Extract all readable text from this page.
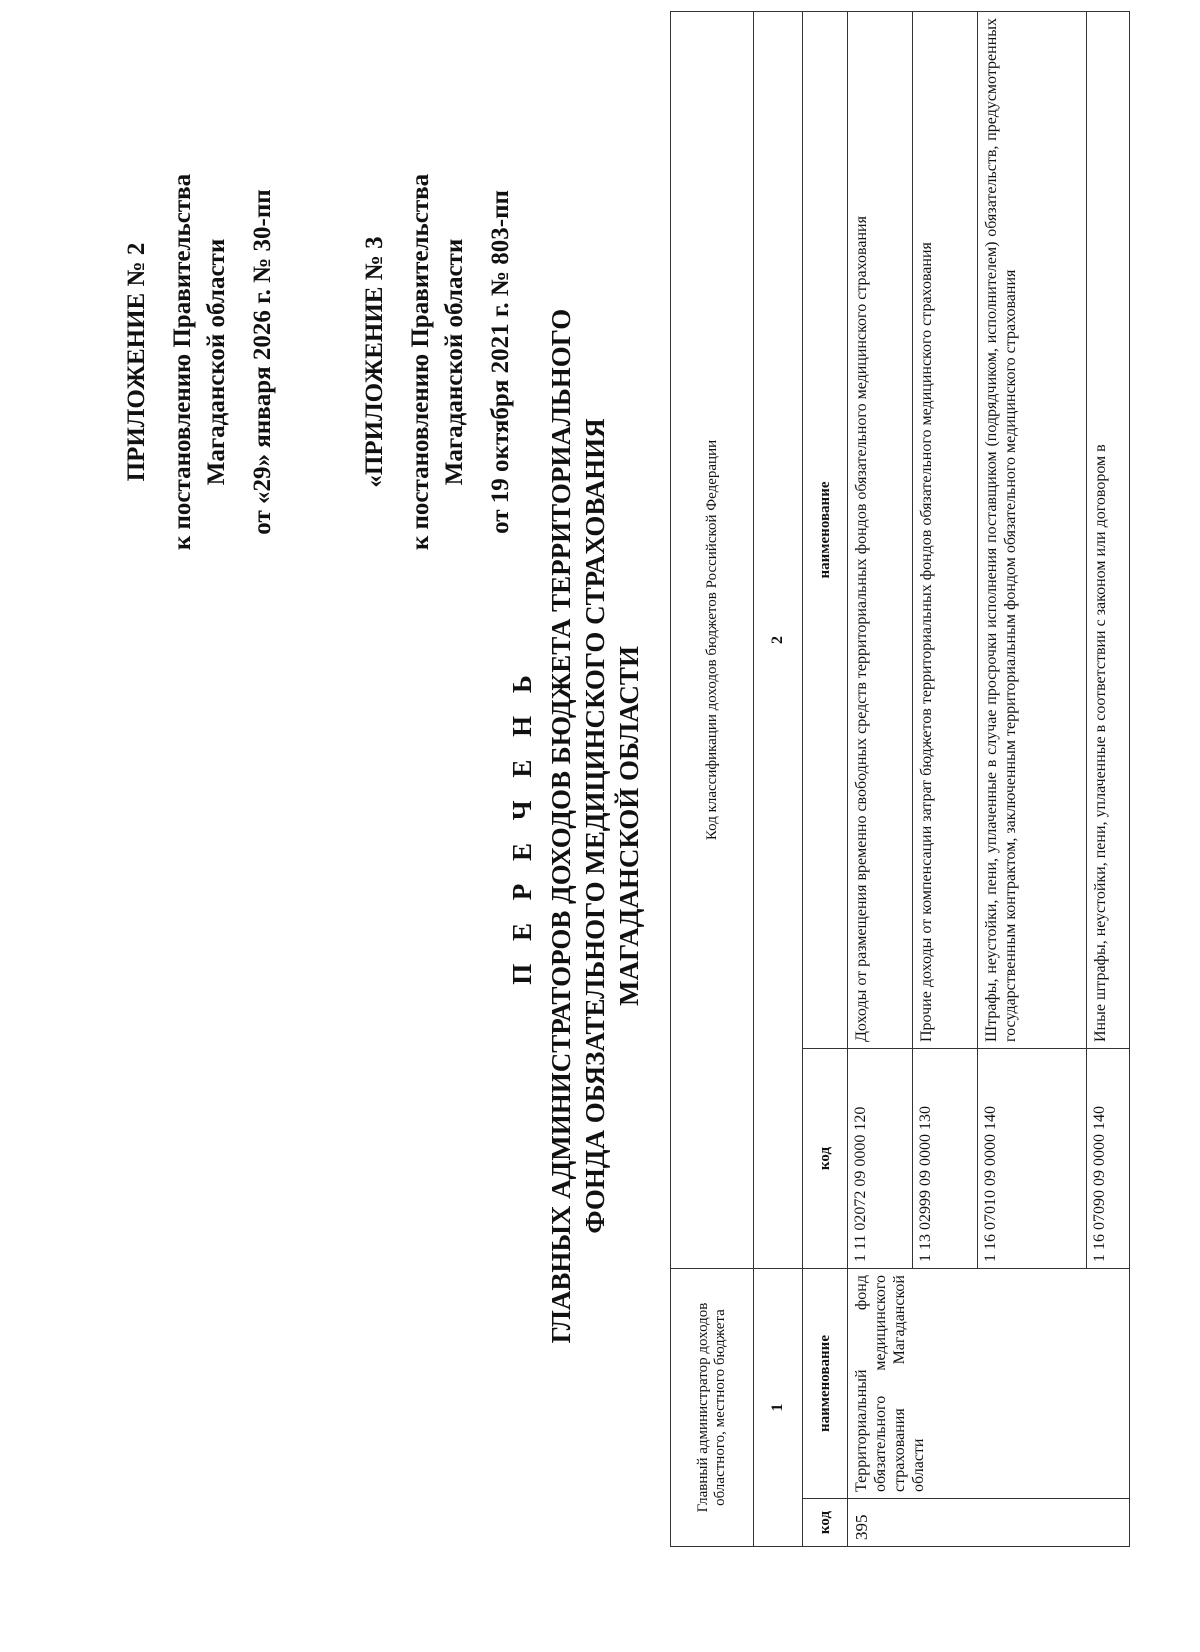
ПРИЛОЖЕНИЕ № 2 к постановлению Правительства Магаданской области от «29» января 2026 г. № 30-пп	«ПРИЛОЖЕНИЕ № 3 к постановлению Правительства Магаданской области от 19 октября 2021 г. № 803-пп
П Е Р Е Ч Е Н Ь ГЛАВНЫХ АДМИНИСТРАТОРОВ ДОХОДОВ БЮДЖЕТА ТЕРРИТОРИАЛЬНОГО ФОНДА ОБЯЗАТЕЛЬНОГО МЕДИЦИНСКОГО СТРАХОВАНИЯ МАГАДАНСКОЙ ОБЛАСТИ
Главный администратор доходов областного, местного бюджета		Код классификации доходов бюджетов Российской Федерации	
1		2	
код	наименование	код	наименование
395	Территориальный фонд обязательного медицинского страхования Магаданской области	1 11 02072 09 0000 120	Доходы от размещения временно свободных средств территориальных фондов обязательного медицинского страхования
		1 13 02999 09 0000 130	Прочие доходы от компенсации затрат бюджетов территориальных фондов обязательного медицинского страхования
		1 16 07010 09 0000 140	Штрафы, неустойки, пени, уплаченные в случае просрочки исполнения поставщиком (подрядчиком, исполнителем) обязательств, предусмотренных государственным контрактом, заключенным территориальным фондом обязательного медицинского страхования
		1 16 07090 09 0000 140	Иные штрафы, неустойки, пени, уплаченные в соответствии с законом или договором в
